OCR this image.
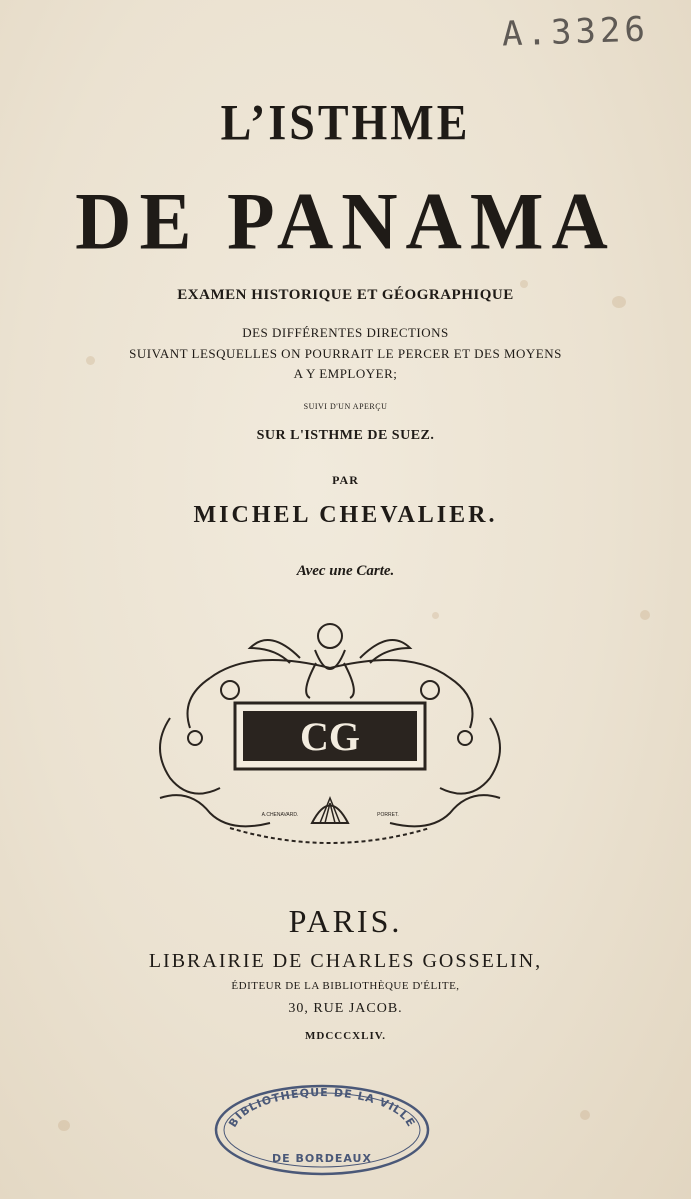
A.3326
L’ISTHME
DE PANAMA
EXAMEN HISTORIQUE ET GÉOGRAPHIQUE
DES DIFFÉRENTES DIRECTIONS
SUIVANT LESQUELLES ON POURRAIT LE PERCER ET DES MOYENS
A Y EMPLOYER;
SUIVI D'UN APERÇU
SUR L'ISTHME DE SUEZ.
PAR
MICHEL CHEVALIER.
Avec une Carte.
CG
A.CHENAVARD.	PORRET.
PARIS.
LIBRAIRIE DE CHARLES GOSSELIN,
ÉDITEUR DE LA BIBLIOTHÈQUE D'ÉLITE,
30, RUE JACOB.
MDCCCXLIV.
BIBLIOTHEQUE DE LA VILLE
DE BORDEAUX
